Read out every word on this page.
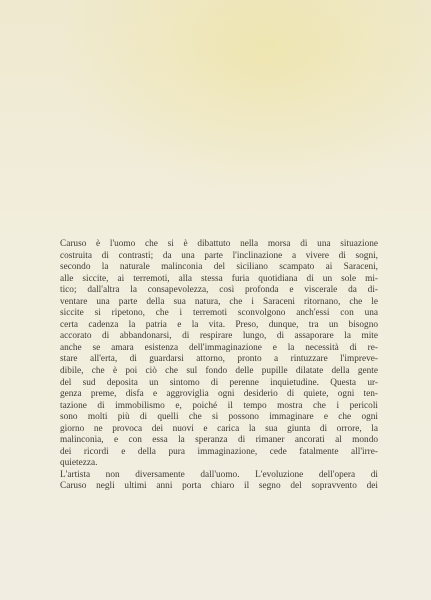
Caruso è l'uomo che si è dibattuto nella morsa di una situazione
costruita di contrasti; da una parte l'inclinazione a vivere di sogni,
secondo la naturale malinconia del siciliano scampato ai Saraceni,
alle siccite, ai terremoti, alla stessa furia quotidiana di un sole mi-
tico; dall'altra la consapevolezza, così profonda e viscerale da di-
ventare una parte della sua natura, che i Saraceni ritornano, che le
siccite si ripetono, che i terremoti sconvolgono anch'essi con una
certa cadenza la patria e la vita. Preso, dunque, tra un bisogno
accorato di abbandonarsi, di respirare lungo, di assaporare la mite
anche se amara esistenza dell'immaginazione e la necessità di re-
stare all'erta, di guardarsi attorno, pronto a rintuzzare l'impreve-
dibile, che è poi ciò che sul fondo delle pupille dilatate della gente
del sud deposita un sintomo di perenne inquietudine. Questa ur-
genza preme, disfa e aggroviglia ogni desiderio di quiete, ogni ten-
tazione di immobilismo e, poiché il tempo mostra che i pericoli
sono molti più di quelli che si possono immaginare e che ogni
giorno ne provoca dei nuovi e carica la sua giunta di orrore, la
malinconia, e con essa la speranza di rimaner ancorati al mondo
dei ricordi e della pura immaginazione, cede fatalmente all'irre-
quietezza.
L'artista non diversamente dall'uomo. L'evoluzione dell'opera di
Caruso negli ultimi anni porta chiaro il segno del sopravvento dei
